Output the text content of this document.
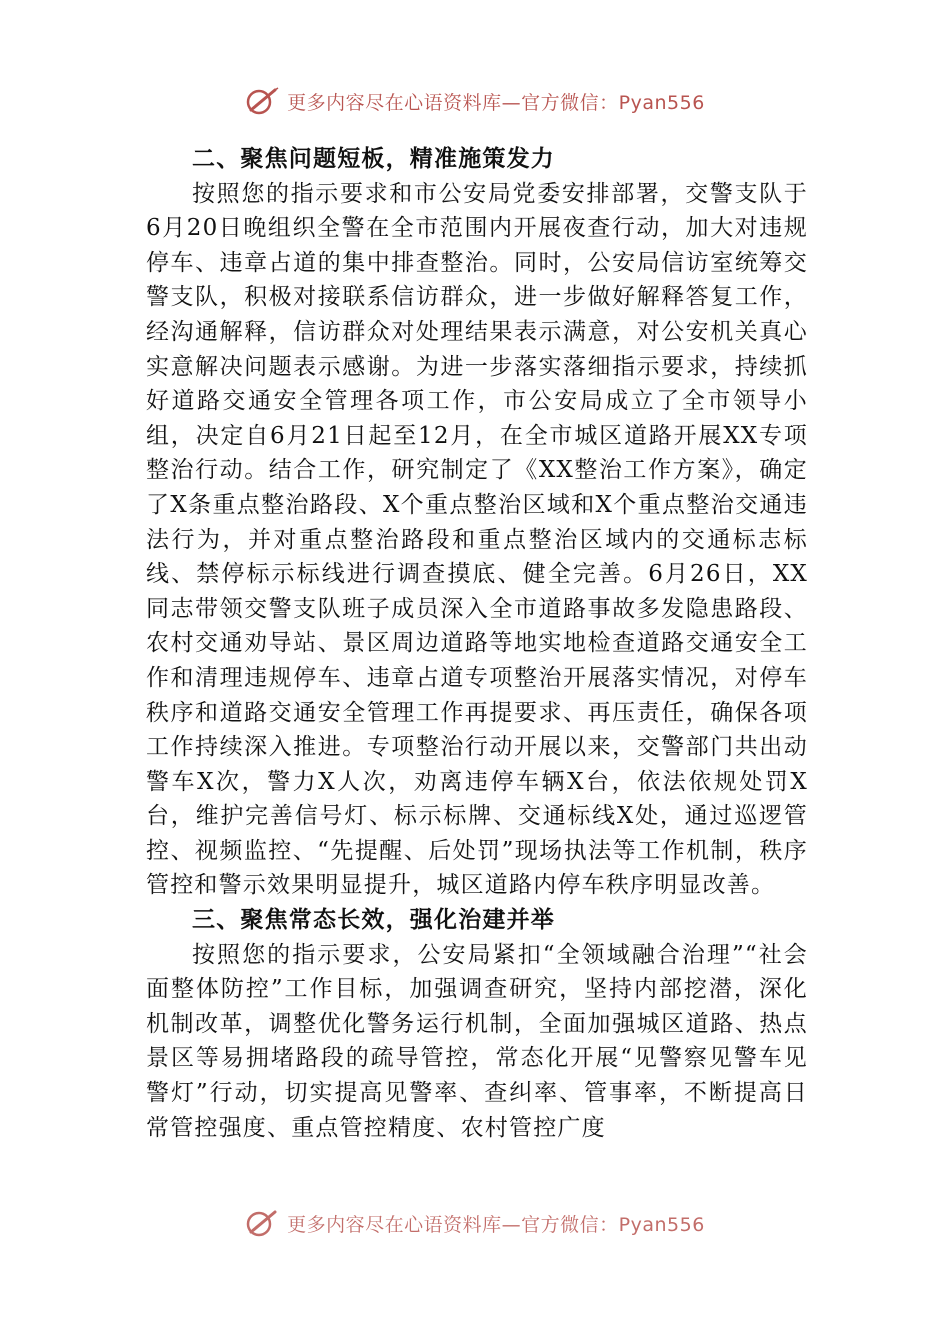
更多内容尽在心语资料库—官方微信：Pyan556

二、聚焦问题短板，精准施策发力

按照您的指示要求和市公安局党委安排部署，交警支队于6月20日晚组织全警在全市范围内开展夜查行动，加大对违规停车、违章占道的集中排查整治。同时，公安局信访室统筹交警支队，积极对接联系信访群众，进一步做好解释答复工作，经沟通解释，信访群众对处理结果表示满意，对公安机关真心实意解决问题表示感谢。为进一步落实落细指示要求，持续抓好道路交通安全管理各项工作，市公安局成立了全市领导小组，决定自6月21日起至12月，在全市城区道路开展XX专项整治行动。结合工作，研究制定了《XX整治工作方案》，确定了X条重点整治路段、X个重点整治区域和X个重点整治交通违法行为，并对重点整治路段和重点整治区域内的交通标志标线、禁停标示标线进行调查摸底、健全完善。6月26日，XX同志带领交警支队班子成员深入全市道路事故多发隐患路段、农村交通劝导站、景区周边道路等地实地检查道路交通安全工作和清理违规停车、违章占道专项整治开展落实情况，对停车秩序和道路交通安全管理工作再提要求、再压责任，确保各项工作持续深入推进。专项整治行动开展以来，交警部门共出动警车X次，警力X人次，劝离违停车辆X台，依法依规处罚X台，维护完善信号灯、标示标牌、交通标线X处，通过巡逻管控、视频监控、“先提醒、后处罚”现场执法等工作机制，秩序管控和警示效果明显提升，城区道路内停车秩序明显改善。

三、聚焦常态长效，强化治建并举

按照您的指示要求，公安局紧扣“全领域融合治理”“社会面整体防控”工作目标，加强调查研究，坚持内部挖潜，深化机制改革，调整优化警务运行机制，全面加强城区道路、热点景区等易拥堵路段的疏导管控，常态化开展“见警察见警车见警灯”行动，切实提高见警率、查纠率、管事率，不断提高日常管控强度、重点管控精度、农村管控广度

更多内容尽在心语资料库—官方微信：Pyan556
